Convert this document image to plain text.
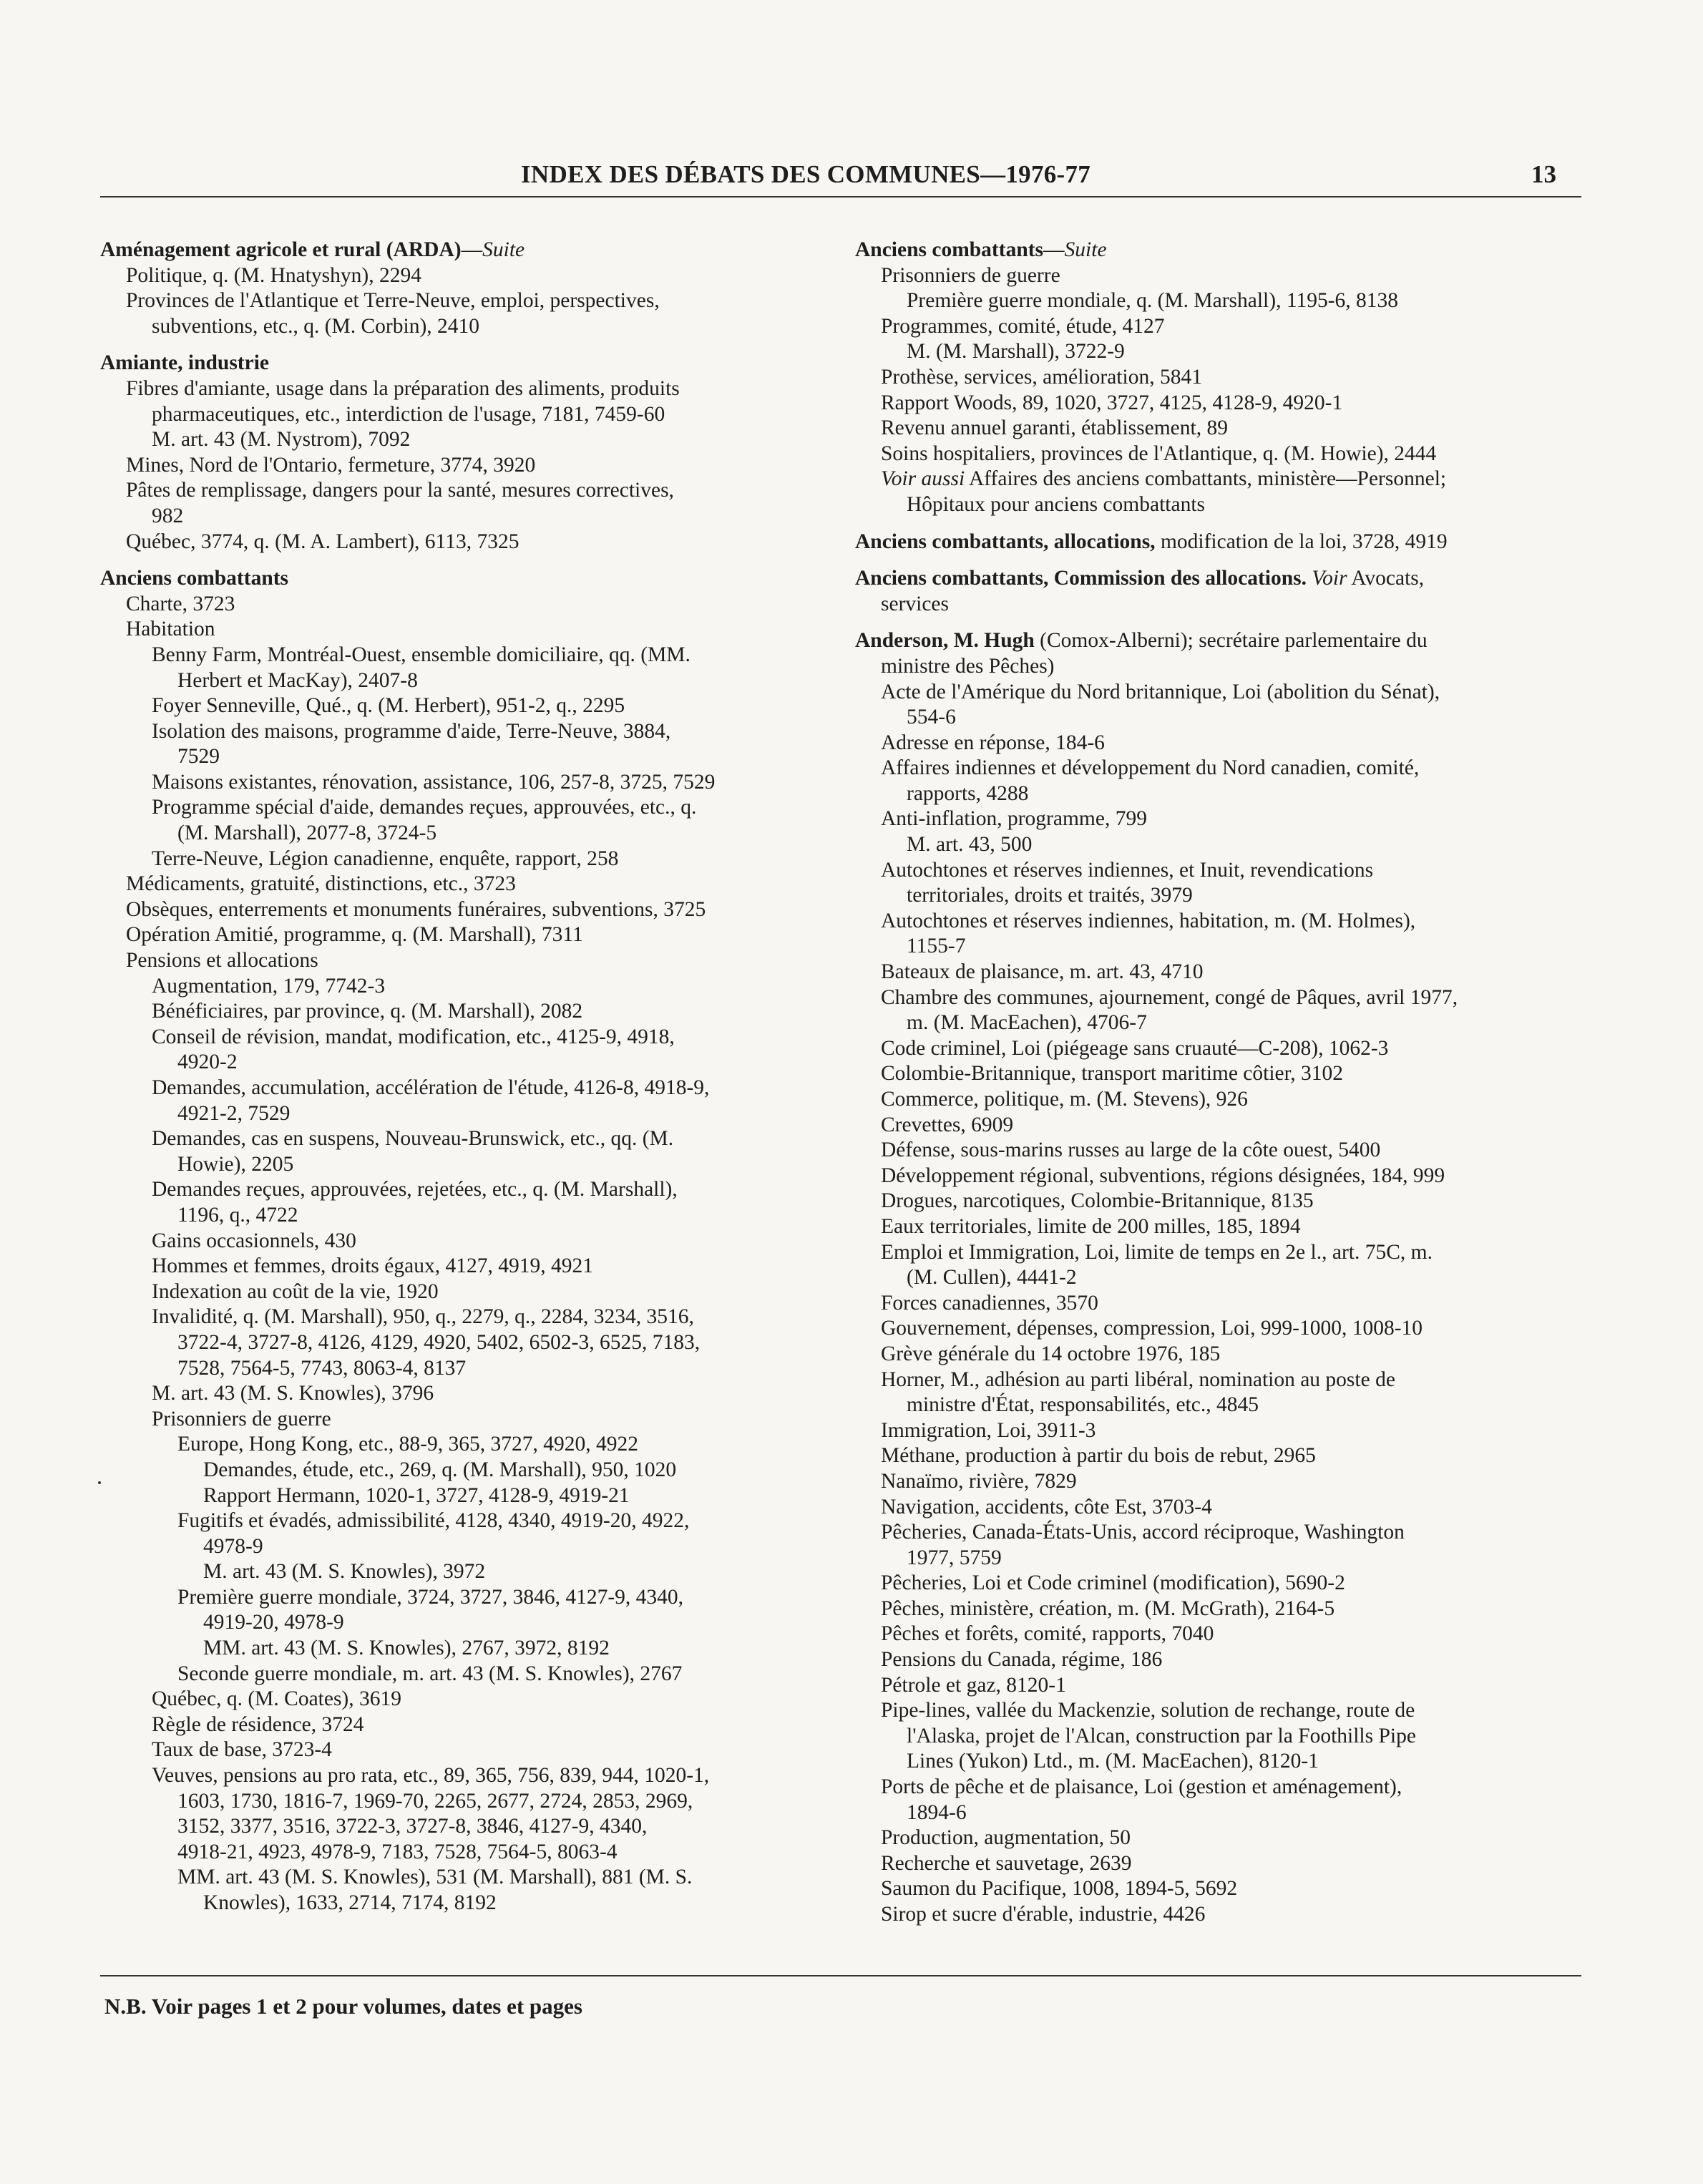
INDEX DES DÉBATS DES COMMUNES—1976-77	13
Aménagement agricole et rural (ARDA)—Suite
Politique, q. (M. Hnatyshyn), 2294
Provinces de l'Atlantique et Terre-Neuve, emploi, perspectives,
subventions, etc., q. (M. Corbin), 2410
Amiante, industrie
Fibres d'amiante, usage dans la préparation des aliments, produits
pharmaceutiques, etc., interdiction de l'usage, 7181, 7459-60
M. art. 43 (M. Nystrom), 7092
Mines, Nord de l'Ontario, fermeture, 3774, 3920
Pâtes de remplissage, dangers pour la santé, mesures correctives,
982
Québec, 3774, q. (M. A. Lambert), 6113, 7325
Anciens combattants
Charte, 3723
Habitation
Benny Farm, Montréal-Ouest, ensemble domiciliaire, qq. (MM.
Herbert et MacKay), 2407-8
Foyer Senneville, Qué., q. (M. Herbert), 951-2, q., 2295
Isolation des maisons, programme d'aide, Terre-Neuve, 3884,
7529
Maisons existantes, rénovation, assistance, 106, 257-8, 3725, 7529
Programme spécial d'aide, demandes reçues, approuvées, etc., q.
(M. Marshall), 2077-8, 3724-5
Terre-Neuve, Légion canadienne, enquête, rapport, 258
Médicaments, gratuité, distinctions, etc., 3723
Obsèques, enterrements et monuments funéraires, subventions, 3725
Opération Amitié, programme, q. (M. Marshall), 7311
Pensions et allocations
Augmentation, 179, 7742-3
Bénéficiaires, par province, q. (M. Marshall), 2082
Conseil de révision, mandat, modification, etc., 4125-9, 4918,
4920-2
Demandes, accumulation, accélération de l'étude, 4126-8, 4918-9,
4921-2, 7529
Demandes, cas en suspens, Nouveau-Brunswick, etc., qq. (M.
Howie), 2205
Demandes reçues, approuvées, rejetées, etc., q. (M. Marshall),
1196, q., 4722
Gains occasionnels, 430
Hommes et femmes, droits égaux, 4127, 4919, 4921
Indexation au coût de la vie, 1920
Invalidité, q. (M. Marshall), 950, q., 2279, q., 2284, 3234, 3516,
3722-4, 3727-8, 4126, 4129, 4920, 5402, 6502-3, 6525, 7183,
7528, 7564-5, 7743, 8063-4, 8137
M. art. 43 (M. S. Knowles), 3796
Prisonniers de guerre
Europe, Hong Kong, etc., 88-9, 365, 3727, 4920, 4922
Demandes, étude, etc., 269, q. (M. Marshall), 950, 1020
Rapport Hermann, 1020-1, 3727, 4128-9, 4919-21
Fugitifs et évadés, admissibilité, 4128, 4340, 4919-20, 4922,
4978-9
M. art. 43 (M. S. Knowles), 3972
Première guerre mondiale, 3724, 3727, 3846, 4127-9, 4340,
4919-20, 4978-9
MM. art. 43 (M. S. Knowles), 2767, 3972, 8192
Seconde guerre mondiale, m. art. 43 (M. S. Knowles), 2767
Québec, q. (M. Coates), 3619
Règle de résidence, 3724
Taux de base, 3723-4
Veuves, pensions au pro rata, etc., 89, 365, 756, 839, 944, 1020-1,
1603, 1730, 1816-7, 1969-70, 2265, 2677, 2724, 2853, 2969,
3152, 3377, 3516, 3722-3, 3727-8, 3846, 4127-9, 4340,
4918-21, 4923, 4978-9, 7183, 7528, 7564-5, 8063-4
MM. art. 43 (M. S. Knowles), 531 (M. Marshall), 881 (M. S.
Knowles), 1633, 2714, 7174, 8192
Anciens combattants—Suite
Prisonniers de guerre
Première guerre mondiale, q. (M. Marshall), 1195-6, 8138
Programmes, comité, étude, 4127
M. (M. Marshall), 3722-9
Prothèse, services, amélioration, 5841
Rapport Woods, 89, 1020, 3727, 4125, 4128-9, 4920-1
Revenu annuel garanti, établissement, 89
Soins hospitaliers, provinces de l'Atlantique, q. (M. Howie), 2444
Voir aussi Affaires des anciens combattants, ministère—Personnel;
Hôpitaux pour anciens combattants
Anciens combattants, allocations, modification de la loi, 3728, 4919
Anciens combattants, Commission des allocations. Voir Avocats,
services
Anderson, M. Hugh (Comox-Alberni); secrétaire parlementaire du
ministre des Pêches)
Acte de l'Amérique du Nord britannique, Loi (abolition du Sénat),
554-6
Adresse en réponse, 184-6
Affaires indiennes et développement du Nord canadien, comité,
rapports, 4288
Anti-inflation, programme, 799
M. art. 43, 500
Autochtones et réserves indiennes, et Inuit, revendications
territoriales, droits et traités, 3979
Autochtones et réserves indiennes, habitation, m. (M. Holmes),
1155-7
Bateaux de plaisance, m. art. 43, 4710
Chambre des communes, ajournement, congé de Pâques, avril 1977,
m. (M. MacEachen), 4706-7
Code criminel, Loi (piégeage sans cruauté—C-208), 1062-3
Colombie-Britannique, transport maritime côtier, 3102
Commerce, politique, m. (M. Stevens), 926
Crevettes, 6909
Défense, sous-marins russes au large de la côte ouest, 5400
Développement régional, subventions, régions désignées, 184, 999
Drogues, narcotiques, Colombie-Britannique, 8135
Eaux territoriales, limite de 200 milles, 185, 1894
Emploi et Immigration, Loi, limite de temps en 2e l., art. 75C, m.
(M. Cullen), 4441-2
Forces canadiennes, 3570
Gouvernement, dépenses, compression, Loi, 999-1000, 1008-10
Grève générale du 14 octobre 1976, 185
Horner, M., adhésion au parti libéral, nomination au poste de
ministre d'État, responsabilités, etc., 4845
Immigration, Loi, 3911-3
Méthane, production à partir du bois de rebut, 2965
Nanaïmo, rivière, 7829
Navigation, accidents, côte Est, 3703-4
Pêcheries, Canada-États-Unis, accord réciproque, Washington
1977, 5759
Pêcheries, Loi et Code criminel (modification), 5690-2
Pêches, ministère, création, m. (M. McGrath), 2164-5
Pêches et forêts, comité, rapports, 7040
Pensions du Canada, régime, 186
Pétrole et gaz, 8120-1
Pipe-lines, vallée du Mackenzie, solution de rechange, route de
l'Alaska, projet de l'Alcan, construction par la Foothills Pipe
Lines (Yukon) Ltd., m. (M. MacEachen), 8120-1
Ports de pêche et de plaisance, Loi (gestion et aménagement),
1894-6
Production, augmentation, 50
Recherche et sauvetage, 2639
Saumon du Pacifique, 1008, 1894-5, 5692
Sirop et sucre d'érable, industrie, 4426
N.B. Voir pages 1 et 2 pour volumes, dates et pages
